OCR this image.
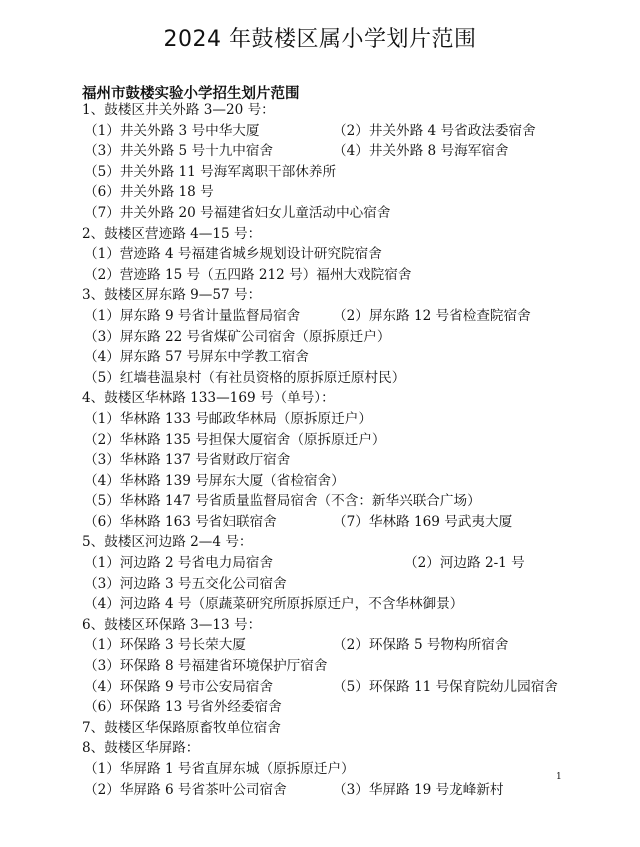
2024 年鼓楼区属小学划片范围
福州市鼓楼实验小学招生划片范围
1、鼓楼区井关外路 3—20 号：
（1）井关外路 3 号中华大厦	（2）井关外路 4 号省政法委宿舍
（3）井关外路 5 号十九中宿舍	（4）井关外路 8 号海军宿舍
（5）井关外路 11 号海军离职干部休养所
（6）井关外路 18 号
（7）井关外路 20 号福建省妇女儿童活动中心宿舍
2、鼓楼区营迹路 4—15 号：
（1）营迹路 4 号福建省城乡规划设计研究院宿舍
（2）营迹路 15 号（五四路 212 号）福州大戏院宿舍
3、鼓楼区屏东路 9—57 号：
（1）屏东路 9 号省计量监督局宿舍 （2）屏东路 12 号省检查院宿舍
（3）屏东路 22 号省煤矿公司宿舍（原拆原迁户）
（4）屏东路 57 号屏东中学教工宿舍
（5）红墙巷温泉村（有社员资格的原拆原迁原村民）
4、鼓楼区华林路 133—169 号（单号）：
（1）华林路 133 号邮政华林局（原拆原迁户）
（2）华林路 135 号担保大厦宿舍（原拆原迁户）
（3）华林路 137 号省财政厅宿舍
（4）华林路 139 号屏东大厦（省检宿舍）
（5）华林路 147 号省质量监督局宿舍（不含：新华兴联合广场）
（6）华林路 163 号省妇联宿舍	（7）华林路 169 号武夷大厦
5、鼓楼区河边路 2—4 号：
（1）河边路 2 号省电力局宿舍	（2）河边路 2-1 号
（3）河边路 3 号五交化公司宿舍
（4）河边路 4 号（原蔬菜研究所原拆原迁户，不含华林御景）
6、鼓楼区环保路 3—13 号：
（1）环保路 3 号长荣大厦	（2）环保路 5 号物构所宿舍
（3）环保路 8 号福建省环境保护厅宿舍
（4）环保路 9 号市公安局宿舍	（5）环保路 11 号保育院幼儿园宿舍
（6）环保路 13 号省外经委宿舍
7、鼓楼区华保路原畜牧单位宿舍
8、鼓楼区华屏路：
（1）华屏路 1 号省直屏东城（原拆原迁户）
（2）华屏路 6 号省茶叶公司宿舍	（3）华屏路 19 号龙峰新村
1
